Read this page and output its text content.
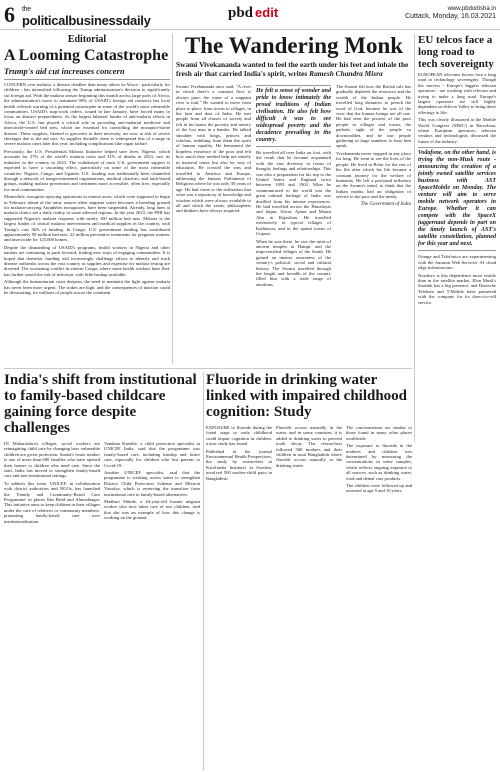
6 the
politicalbusinessdaily	pbd edit	www.pbdodisha.in
Cuttack, Monday, 16.03.2021
Editorial
A Looming Catastrophe
Trump's aid cut increases concern

CONCERN over malaria, a disease deadlier than many others in Africa - particularly for children - has intensified following the Trump administration's decision to significantly cut foreign aid. With the malaria season beginning this month across large parts of Africa, the administration's move to terminate 90% of USAID's foreign aid contracts has local health officials warning of a potential catastrophe in some of the world's most vulnerable communities. USAID's stop-work orders, issued in late January, have forced many to focus on disaster preparedness. As the largest bilateral funder of anti-malaria efforts in Africa, the U.S. has played a critical role in providing anti-malarial medicine and insecticide-treated bed nets, which are essential for controlling the mosquito-borne disease. These supplies, likened to groceries in their necessity, are now at risk of severe shortages due to the aid cuts. As supplies dwindle, there is widespread fear of a surge in severe malaria cases later this year, including complications like organ failure.

Previously, the U.S. Presidential Malaria Initiative helped save lives. Nigeria, which accounts for 27% of the world's malaria cases and 31% of deaths in 2023, saw its initiative in the country in 2023. The withdrawal of most U.S. government support is expected to have a cascading effect, particularly on some of the most vulnerable countries: Nigeria, Congo, and Uganda. U.S. funding was traditionally been channeled through a network of nongovernmental organizations, medical charities, and faith-based groups, making malaria prevention and treatment more accessible, often free, especially for rural communities.

Meanwhile, mosquito-spraying operations in remote areas, which were supposed to begin in February ahead of the rainy season when stagnant water becomes a breeding ground for malaria-carrying Anopheles mosquitoes, have been suspended. Already, long lines at malaria clinics are a daily reality in some affected regions. In the year 2023, the PMI has supported Nigeria's malaria response with nearly 100 million bed nets. Malaria is the largest funder of critical malaria interventions and medical supplies in the country, with Trump's cuts 36% of funding. In Congo, U.S. government funding has contributed approximately 90 million bed nets. 22 million preventive treatments for pregnant women, and insecticide for 125,000 homes.

Despite the dismantling of USAID's programs, health workers in Nigeria and other nations are continuing to push forward, finding new ways of engaging communities. It is hoped that domestic funding will increasingly challenge efforts to identify and track disease outbreaks across the vast country as supplies and expertise for malaria testing are diverted. The worsening conflict in eastern Congo, where some health workers have fled, has further raised the risk of infection, with little backup available.

Although the humanitarian crisis deepens, the need to maintain the fight against malaria has never been more urgent. The stakes are high, and the consequences of inaction could be devastating, for millions of people across the continent.

The Wandering Monk
Swami Vivekananda wanted to feel the earth under his feet and inhale the fresh air that carried India's spirit, writes Ramesh Chandra Misra

Swami Vivekananda once said, "A river in which there's a constant flow is always pure; the water of a stagnant river is foul." He wanted to move from place to place, from towns to villages, in the heat and dust of India. He met people from all classes of society and felt in his bones the poverty and misery of the lost man in a hamlet. He talked shoulder with kings, princes and scholars, imbibing from them the spirit of human equality. He bemoaned the hopeless existence of the poor and felt how much they needed help not merely in material terms but also by way of education. He crossed the seas and travelled to America and Europe, addressing the famous Parliament of Religions where he was only 30 years of age. He had come to the realisation that what was a repository of knowledge and wisdom which were always available to all and which the saints, philosophers and thinkers have always acquired.

He felt a sense of wonder and pride to know intimately the proud traditions of Indian civilisation. He also felt how difficult it was to see widespread poverty and the decadence prevailing in the country.

He travelled all over India on foot, with the result that he became acquainted with the vast diversity in forms of thought, feelings and relationships. This was also a preparation for his trip to the United States and England twice between 1893 and 1902. What he communicated to the world was the great cultural heritage of India was distilled from his intense experiences. He had travelled across the Himalayas and Jaipur, Alwar, Ajmer and Mount Abu in Rajasthan. He travelled extensively in typical villages of Kathiawar, and in the quaint towns of Gujarat.

When he was there, he saw the ruins of ancient temples at Hampi, and the impoverished villages of the South. He gained an intense awareness of the country's political, social and cultural history. The Swami travelled through the length and breadth of the country filled him with a wide range of emotions.

The Swami felt how the British rule has gradually depleted the resources and the wealth of the Indian people. He travelled long distances to preach the word of God, because he was of the view that the human beings are all one. He had seen the poorest of the poor people in villages and towns, the pathetic sight of the people so downtrodden, and he saw people gathering in huge numbers to hear him speak.

Vivekananda never stopped in any place for long. He went to see the lives of the people. He lived in Belur for the rest of his life after which his life became a constant journey for the welfare of humanity. He left a profound influence on the Swami's mind, to think that the Indian monks had an obligation of service to the poor and the needy.

The Government of India
EU telcos face a long road to tech sovereignty

EUROPEAN telecoms bosses face a long road to technology sovereignty. Though the movers - Europe's biggest telecom operators - are working with telecom and trying to make a long road. Europe's largest operators are still highly dependent on Silicon Valley to bring these offerings to life.

This was clearly illustrated at the Mobile World Congress (MWC) in Barcelona, where European operators, telecom vendors and technologists discussed the future of the industry.

Vodafone, on the other hand, is trying the non-Musk route - announcing the creation of a jointly owned satellite services business with AST SpaceMobile on Monday. The venture will aim to serve mobile network operators in Europe. Whether it can compete with the SpaceX juggernaut depends in part on the timely launch of AST's satellite constellation, planned for this year and next.

Orange and Telefonica are experimenting with the Amazon Web Services' AI cloud edge infrastructure.

Nowhere is this dependence more visible than in the satellite market. Elon Musk's Starlink has a big presence, and Deutsche Telekom and T-Mobile have partnered with the company for its direct-to-cell service.

India's shift from institutional to family-based childcare gaining force despite challenges

IN Maharashtra's villages, social workers are reimagining child care by changing how vulnerable children are given protection. Sunita's foster mother is one of more than 600 families who have opened their homes to children who need care. Since the start, India has moved to strengthen family-based care and non-institutional settings.

To address this issue, UNICEF, in collaboration with district authorities and NGOs, has launched the 'Family and Community-Based Care Programme' in places like Beed and Ahmednagar. This initiative aims to keep children in their villages under the care of relatives or community members, promoting family-based care over institutionalisation.

Vandana Kamble, a child protection specialist at UNICEF India, said that the programme was family-based care, including kinship and foster care, especially for children who lost parents to Covid-19.

Another UNICEF specialist, said that the programme is working across states to strengthen District Child Protection Scheme and Mission Vatsalya, which is removing the transition from institutional care to family-based alternatives.

Madhuri Shinde, a 44-year-old former migrant worker who now takes care of two children, said that she was an example of how this change is working on the ground.

Fluoride in drinking water linked with impaired childhood cognition: Study

EXPOSURE to fluoride during the foetal stage or early childhood could impair cognition in children, a new study has found.

Published in the journal Environmental Health Perspectives, the study by researchers at Karolinska Institutet in Sweden, involved 500 mother-child pairs in Bangladesh.

Fluoride occurs naturally in the water, and in some countries, it is added to drinking water to prevent tooth decay. The researchers followed 500 mothers and their children in rural Bangladesh where fluoride occurs naturally in the drinking water.

The concentrations are similar to those found in many other places worldwide.

The exposure to fluoride in the mothers and children was determined by measuring the concentrations in urine samples, which reflects ongoing exposure to all sources, such as drinking water, food and dental care products.

The children were followed up and assessed at age 5 and 10 years.
